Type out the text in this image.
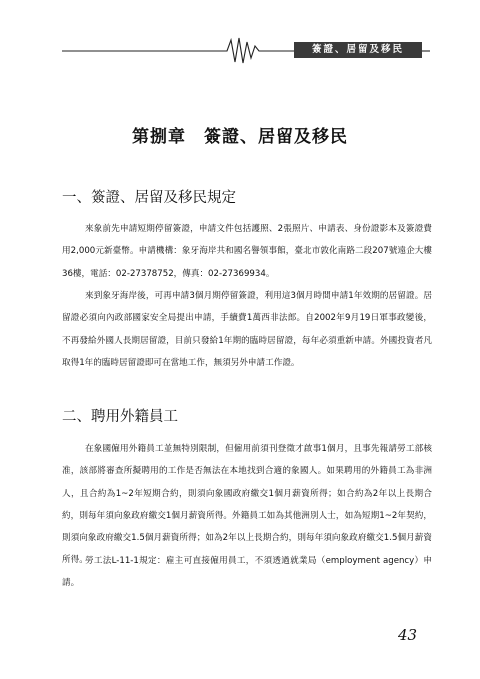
簽證、居留及移民
第捌章　簽證、居留及移民
一、簽證、居留及移民規定

來象前先申請短期停留簽證，申請文件包括護照、2張照片、申請表、身份證影本及簽證費用2,000元新臺幣。申請機構：象牙海岸共和國名譽領事館，臺北市敦化南路二段207號遠企大樓36樓，電話：02-27378752，傳真：02-27369934。

來到象牙海岸後，可再申請3個月期停留簽證，利用這3個月時間申請1年效期的居留證。居留證必須向內政部國家安全局提出申請，手續費1萬西非法郎。自2002年9月19日軍事政變後，不再發給外國人長期居留證，目前只發給1年期的臨時居留證，每年必須重新申請。外國投資者凡取得1年的臨時居留證即可在當地工作，無須另外申請工作證。

二、聘用外籍員工

在象國僱用外籍員工並無特別限制，但僱用前須刊登徵才啟事1個月，且事先報請勞工部核准，該部將審查所擬聘用的工作是否無法在本地找到合適的象國人。如果聘用的外籍員工為非洲人，且合約為1~2年短期合約，則須向象國政府繳交1個月薪資所得；如合約為2年以上長期合約，則每年須向象政府繳交1個月薪資所得。外籍員工如為其他洲別人士，如為短期1~2年契約，則須向象政府繳交1.5個月薪資所得；如為2年以上長期合約，則每年須向象政府繳交1.5個月薪資所得。

勞工法L-11-1規定：雇主可直接僱用員工，不須透過就業局（employment agency）申請。

43
